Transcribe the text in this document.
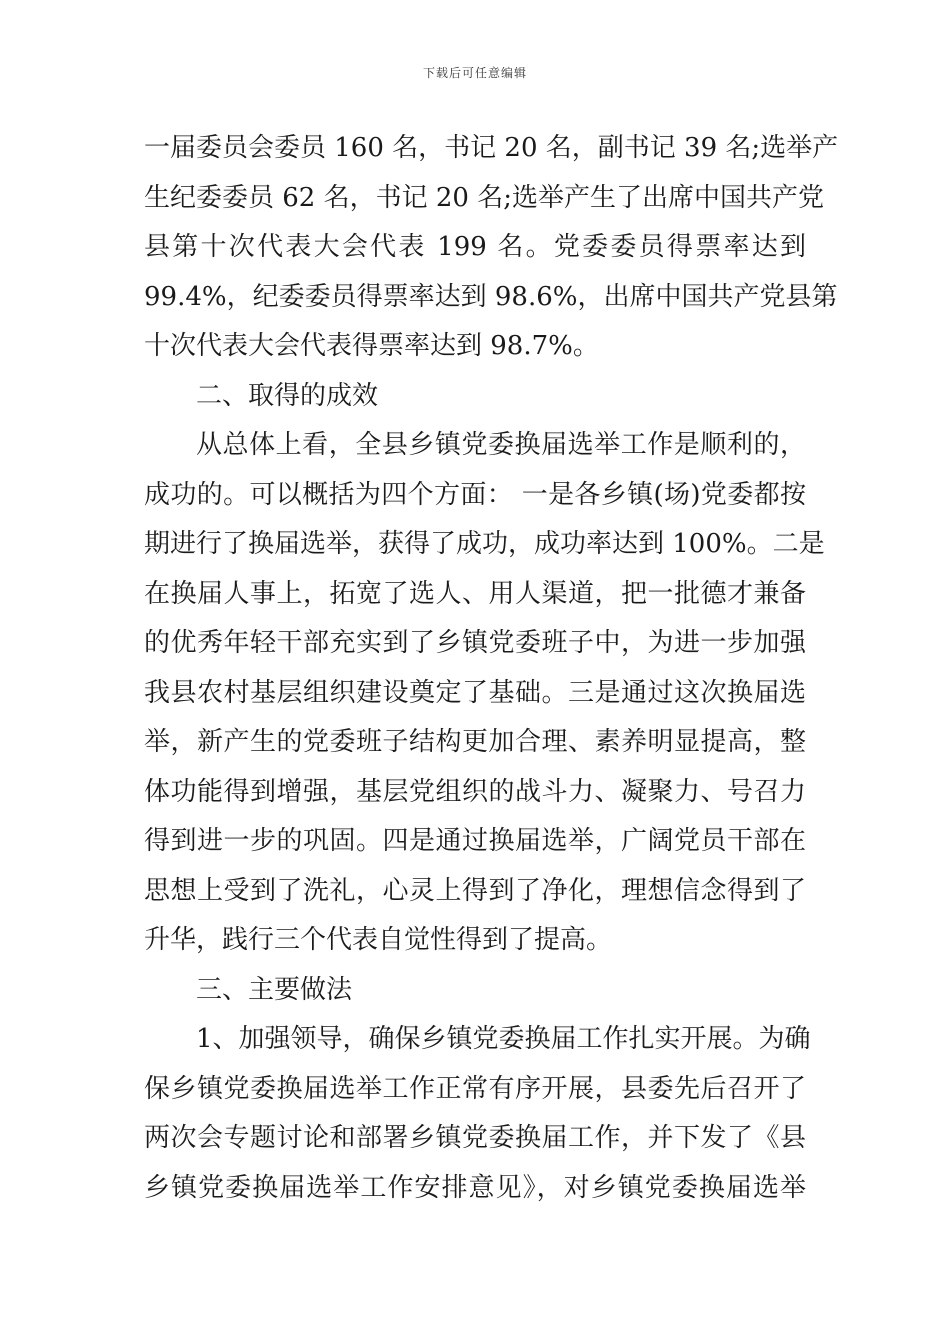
下载后可任意编辑
一届委员会委员 160 名，书记 20 名，副书记 39 名;选举产
生纪委委员 62 名，书记 20 名;选举产生了出席中国共产党
县第十次代表大会代表 199 名。党委委员得票率达到
99.4%，纪委委员得票率达到 98.6%，出席中国共产党县第
十次代表大会代表得票率达到 98.7%。
二、取得的成效
从总体上看，全县乡镇党委换届选举工作是顺利的，
成功的。可以概括为四个方面： 一是各乡镇(场)党委都按
期进行了换届选举，获得了成功，成功率达到 100%。二是
在换届人事上，拓宽了选人、用人渠道，把一批德才兼备
的优秀年轻干部充实到了乡镇党委班子中，为进一步加强
我县农村基层组织建设奠定了基础。三是通过这次换届选
举，新产生的党委班子结构更加合理、素养明显提高，整
体功能得到增强，基层党组织的战斗力、凝聚力、号召力
得到进一步的巩固。四是通过换届选举，广阔党员干部在
思想上受到了洗礼，心灵上得到了净化，理想信念得到了
升华，践行三个代表自觉性得到了提高。
三、主要做法
1、加强领导，确保乡镇党委换届工作扎实开展。为确
保乡镇党委换届选举工作正常有序开展，县委先后召开了
两次会专题讨论和部署乡镇党委换届工作，并下发了《县
乡镇党委换届选举工作安排意见》，对乡镇党委换届选举
